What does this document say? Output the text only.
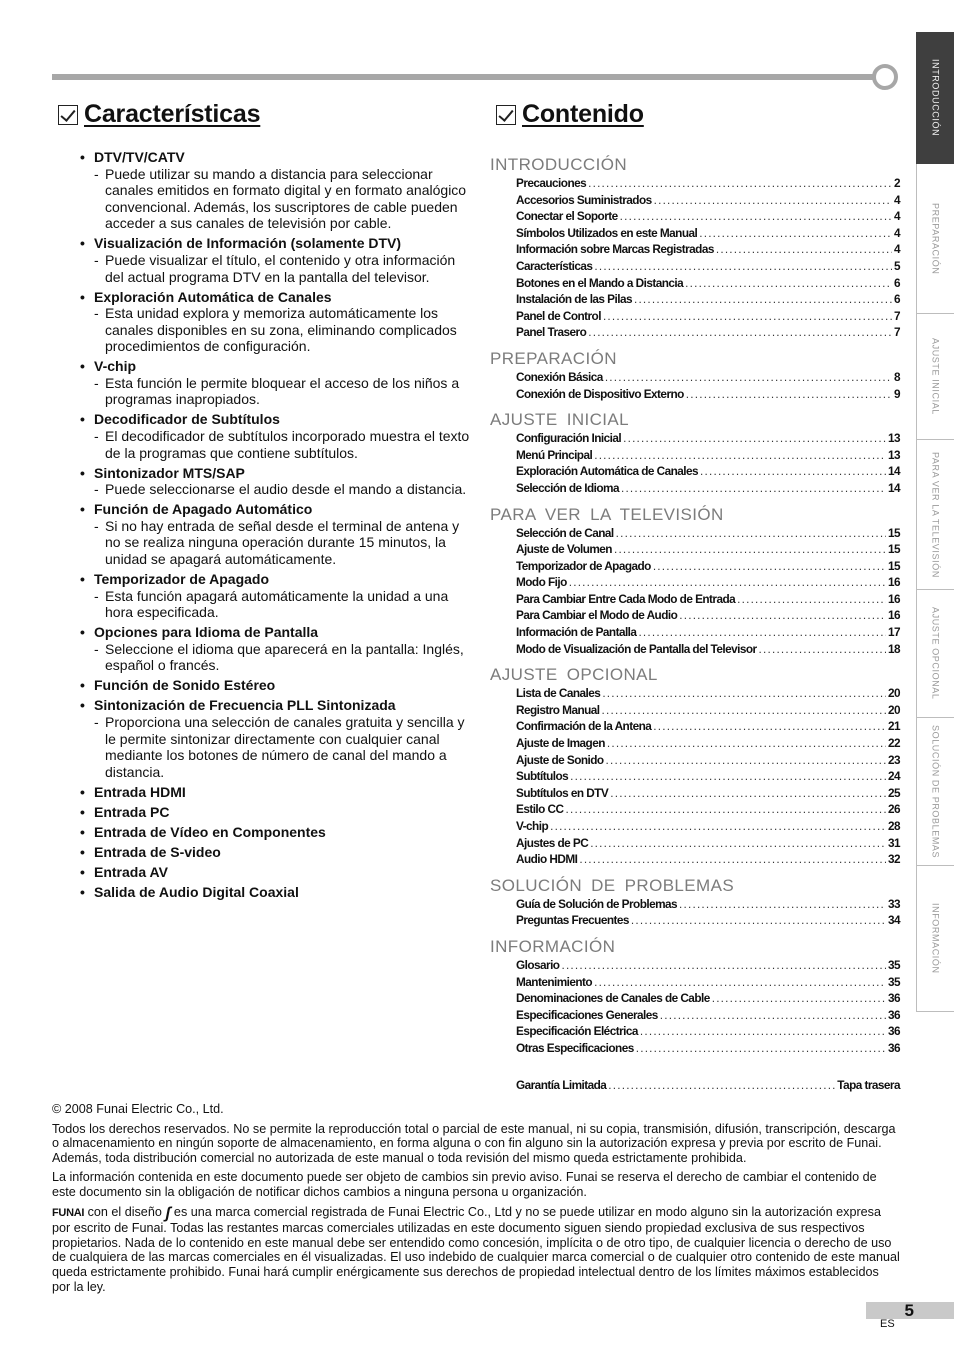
INTRODUCCIÓN
PREPARACIÓN
AJUSTE INICIAL
PARA VER LA TELEVISIÓN
AJUSTE OPCIONAL
SOLUCIÓN DE PROBLEMAS
INFORMACIÓN
Características	Contenido
• DTV/TV/CATV
- Puede utilizar su mando a distancia para seleccionar canales emitidos en formato digital y en formato analógico convencional. Además, los suscriptores de cable pueden acceder a sus canales de televisión por cable.
• Visualización de Información (solamente DTV)
- Puede visualizar el título, el contenido y otra información del actual programa DTV en la pantalla del televisor.
• Exploración Automática de Canales
- Esta unidad explora y memoriza automáticamente los canales disponibles en su zona, eliminando complicados procedimientos de configuración.
• V-chip
- Esta función le permite bloquear el acceso de los niños a programas inapropiados.
• Decodificador de Subtítulos
- El decodificador de subtítulos incorporado muestra el texto de la programas que contiene subtítulos.
• Sintonizador MTS/SAP
- Puede seleccionarse el audio desde el mando a distancia.
• Función de Apagado Automático
- Si no hay entrada de señal desde el terminal de antena y no se realiza ninguna operación durante 15 minutos, la unidad se apagará automáticamente.
• Temporizador de Apagado
- Esta función apagará automáticamente la unidad a una hora especificada.
• Opciones para Idioma de Pantalla
- Seleccione el idioma que aparecerá en la pantalla: Inglés, español o francés.
• Función de Sonido Estéreo
• Sintonización de Frecuencia PLL Sintonizada
- Proporciona una selección de canales gratuita y sencilla y le permite sintonizar directamente con cualquier canal mediante los botones de número de canal del mando a distancia.
• Entrada HDMI
• Entrada PC
• Entrada de Vídeo en Componentes
• Entrada de S-video
• Entrada AV
• Salida de Audio Digital Coaxial
INTRODUCCIÓN
Precauciones .....	2
Accesorios Suministrados .....	4
Conectar el Soporte .....	4
Símbolos Utilizados en este Manual .....	4
Información sobre Marcas Registradas .....	4
Características .....	5
Botones en el Mando a Distancia .....	6
Instalación de las Pilas .....	6
Panel de Control .....	7
Panel Trasero .....	7
PREPARACIÓN
Conexión Básica .....	8
Conexión de Dispositivo Externo .....	9
AJUSTE INICIAL
Configuración Inicial .....	13
Menú Principal .....	13
Exploración Automática de Canales .....	14
Selección de Idioma .....	14
PARA VER LA TELEVISIÓN
Selección de Canal .....	15
Ajuste de Volumen .....	15
Temporizador de Apagado .....	15
Modo Fijo .....	16
Para Cambiar Entre Cada Modo de Entrada .....	16
Para Cambiar el Modo de Audio .....	16
Información de Pantalla .....	17
Modo de Visualización de Pantalla del Televisor .....	18
AJUSTE OPCIONAL
Lista de Canales .....	20
Registro Manual .....	20
Confirmación de la Antena .....	21
Ajuste de Imagen .....	22
Ajuste de Sonido .....	23
Subtítulos .....	24
Subtítulos en DTV .....	25
Estilo CC .....	26
V-chip .....	28
Ajustes de PC .....	31
Audio HDMI .....	32
SOLUCIÓN DE PROBLEMAS
Guía de Solución de Problemas .....	33
Preguntas Frecuentes .....	34
INFORMACIÓN
Glosario .....	35
Mantenimiento .....	35
Denominaciones de Canales de Cable .....	36
Especificaciones Generales .....	36
Especificación Eléctrica .....	36
Otras Especificaciones .....	36
Garantía Limitada .....	Tapa trasera

© 2008 Funai Electric Co., Ltd.

Todos los derechos reservados. No se permite la reproducción total o parcial de este manual, ni su copia, transmisión, difusión, transcripción, descarga o almacenamiento en ningún soporte de almacenamiento, en forma alguna o con fin alguno sin la autorización expresa y previa por escrito de Funai.

Además, toda distribución comercial no autorizada de este manual o toda revisión del mismo queda estrictamente prohibida.

La información contenida en este documento puede ser objeto de cambios sin previo aviso. Funai se reserva el derecho de cambiar el contenido de este documento sin la obligación de notificar dichos cambios a ninguna persona u organización.

FUNAI con el diseño ʃ es una marca comercial registrada de Funai Electric Co., Ltd y no se puede utilizar en modo alguno sin la autorización expresa por escrito de Funai. Todas las restantes marcas comerciales utilizadas en este documento siguen siendo propiedad exclusiva de sus respectivos propietarios. Nada de lo contenido en este manual debe ser entendido como concesión, implícita o de otro tipo, de cualquier licencia o derecho de uso de cualquiera de las marcas comerciales en él visualizadas. El uso indebido de cualquier marca comercial o de cualquier otro contenido de este manual queda estrictamente prohibido. Funai hará cumplir enérgicamente sus derechos de propiedad intelectual dentro de los límites máximos establecidos por la ley.

5
ES
